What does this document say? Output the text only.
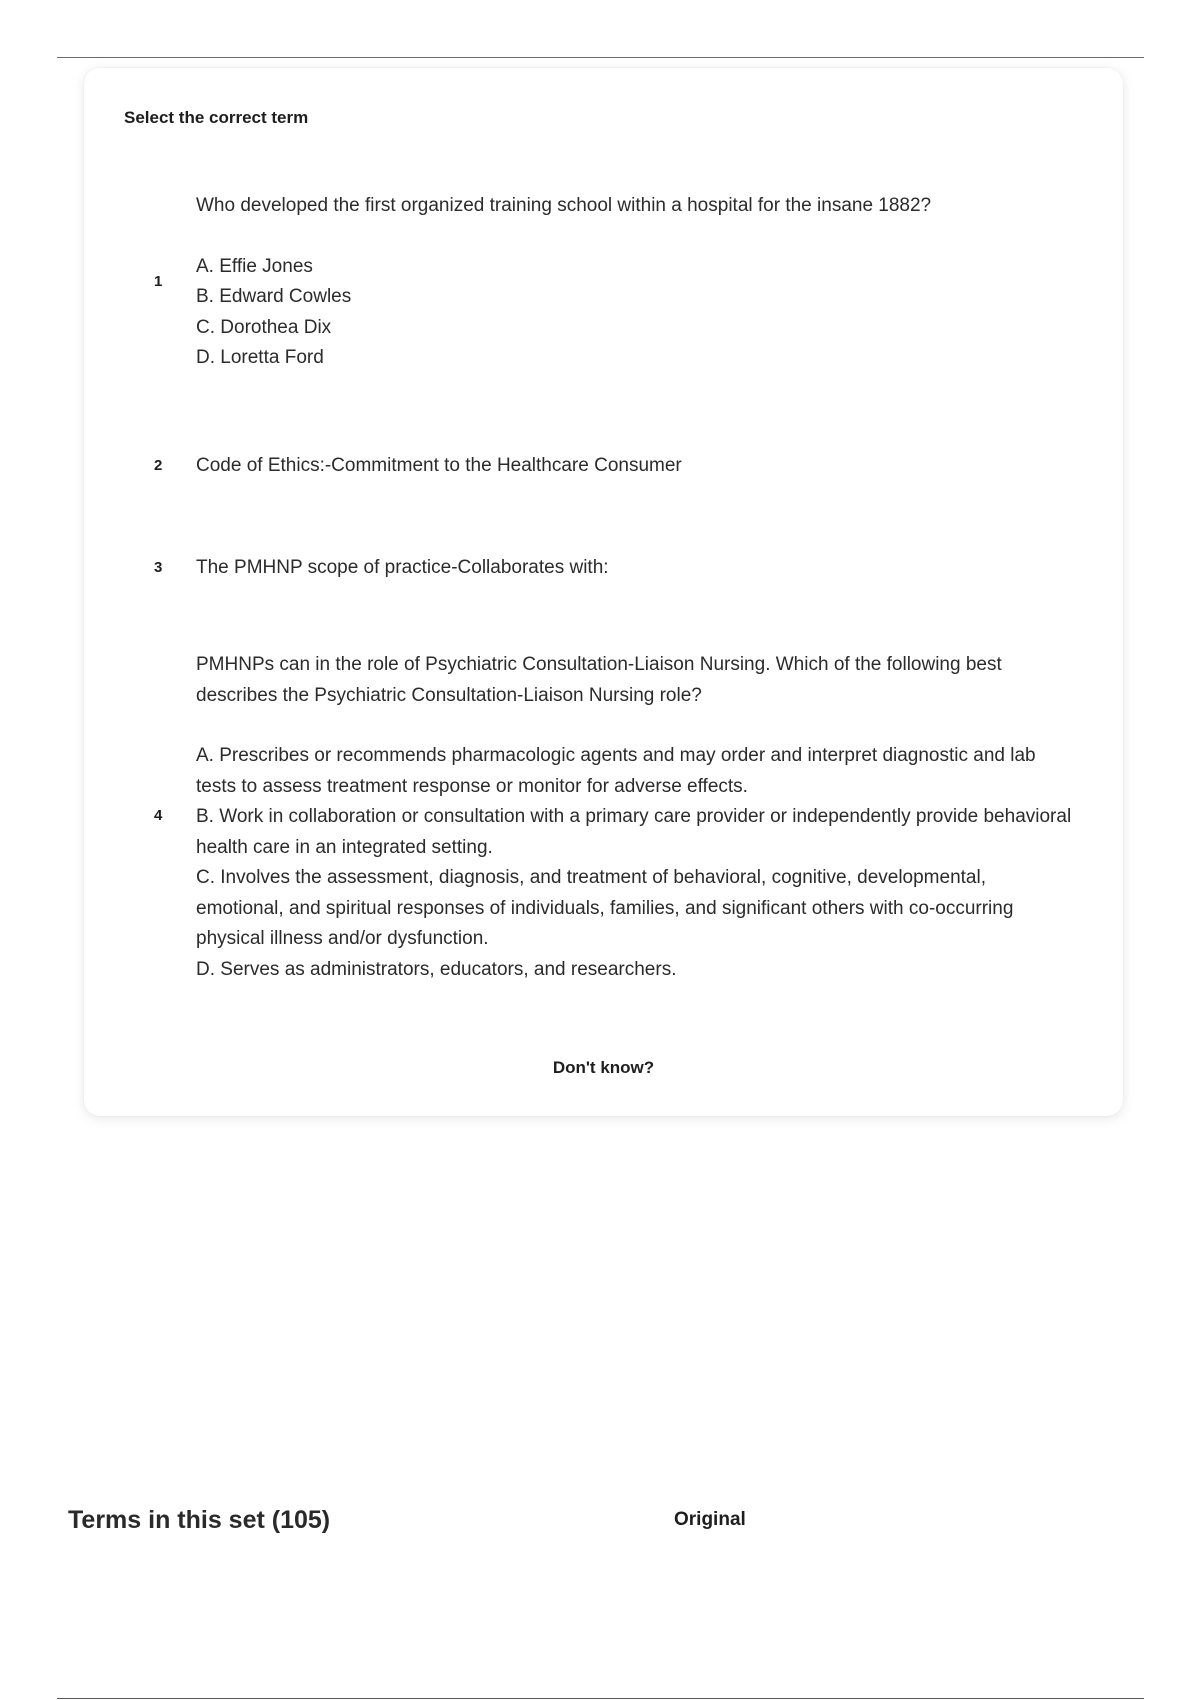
Select the correct term
1

Who developed the first organized training school within a hospital for the insane 1882?

A. Effie Jones
B. Edward Cowles
C. Dorothea Dix
D. Loretta Ford
2 Code of Ethics:-Commitment to the Healthcare Consumer

3 The PMHNP scope of practice-Collaborates with:

4

PMHNPs can in the role of Psychiatric Consultation-Liaison Nursing. Which of the following best describes the Psychiatric Consultation-Liaison Nursing role?

A. Prescribes or recommends pharmacologic agents and may order and interpret diagnostic and lab tests to assess treatment response or monitor for adverse effects.
B. Work in collaboration or consultation with a primary care provider or independently provide behavioral health care in an integrated setting.
C. Involves the assessment, diagnosis, and treatment of behavioral, cognitive, developmental, emotional, and spiritual responses of individuals, families, and significant others with co-occurring physical illness and/or dysfunction.
D. Serves as administrators, educators, and researchers.
Don't know?
Terms in this set (105)	Original
